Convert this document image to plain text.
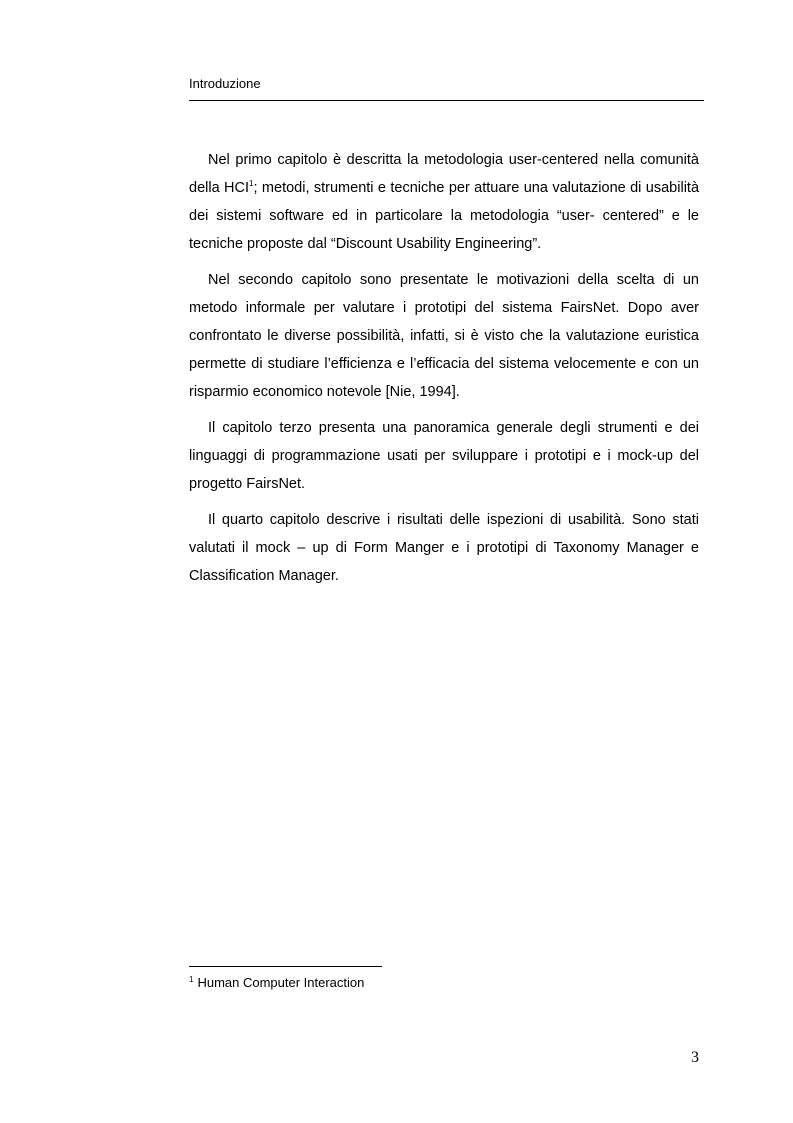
Introduzione

Nel primo capitolo è descritta la metodologia user-centered nella comunità della HCI$^1$; metodi, strumenti e tecniche per attuare una valutazione di usabilità dei sistemi software ed in particolare la metodologia “user- centered” e le tecniche proposte dal “Discount Usability Engineering”.

Nel secondo capitolo sono presentate le motivazioni della scelta di un metodo informale per valutare i prototipi del sistema FairsNet. Dopo aver confrontato le diverse possibilità, infatti, si è visto che la valutazione euristica permette di studiare l’efficienza e l’efficacia del sistema velocemente e con un risparmio economico notevole [Nie, 1994].

Il capitolo terzo presenta una panoramica generale degli strumenti e dei linguaggi di programmazione usati per sviluppare i prototipi e i mock-up del progetto FairsNet.

Il quarto capitolo descrive i risultati delle ispezioni di usabilità. Sono stati valutati il mock – up di Form Manger e i prototipi di Taxonomy Manager e Classification Manager.

$^1$ Human Computer Interaction
3
